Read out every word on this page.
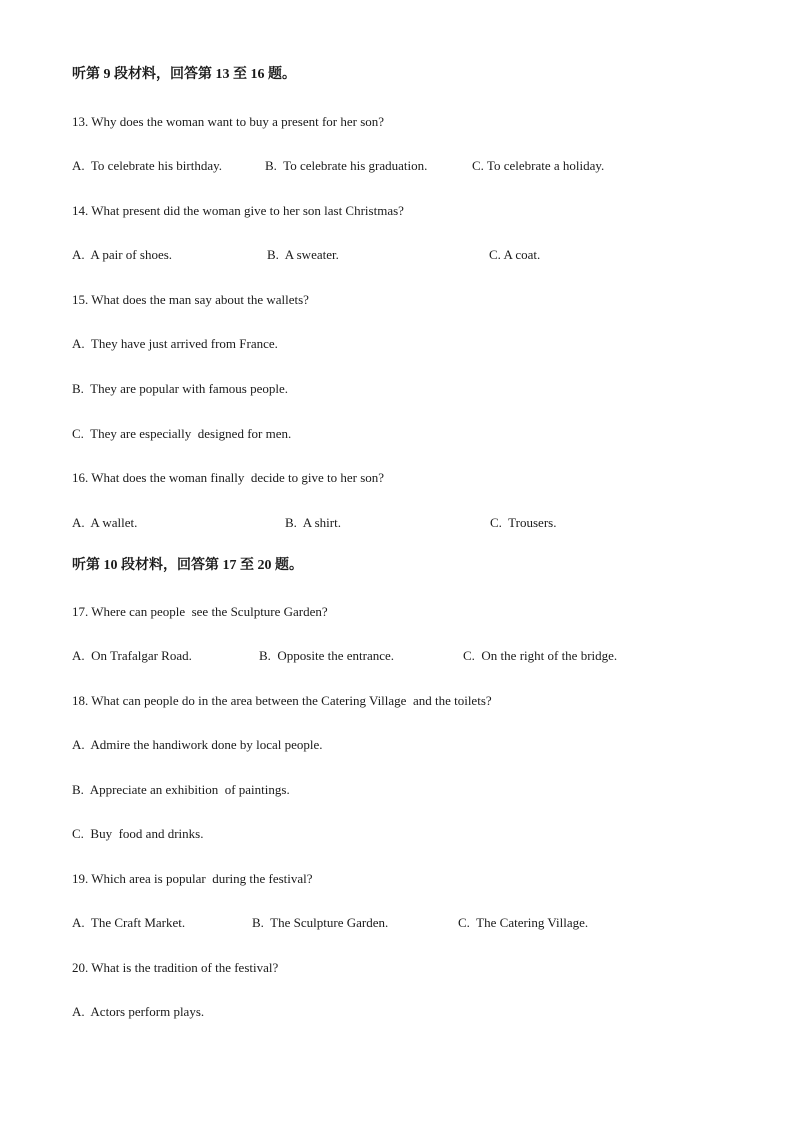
听第 9 段材料，回答第 13 至 16 题。
13. Why does the woman want to buy a present for her son?
A.  To celebrate his birthday.	B.  To celebrate his graduation.	C. To celebrate a holiday.
14. What present did the woman give to her son last Christmas?
A.  A pair of shoes.	B.  A sweater.	C. A coat.
15. What does the man say about the wallets?
A.  They have just arrived from France.
B.  They are popular with famous people.
C.  They are especially  designed for men.
16. What does the woman finally  decide to give to her son?
A.  A wallet.	B.  A shirt.	C.  Trousers.
听第 10 段材料，回答第 17 至 20 题。
17. Where can people  see the Sculpture Garden?
A.  On Trafalgar Road.	B.  Opposite the entrance.	C.  On the right of the bridge.
18. What can people do in the area between the Catering Village  and the toilets?
A.  Admire the handiwork done by local people.
B.  Appreciate an exhibition  of paintings.
C.  Buy  food and drinks.
19. Which area is popular  during the festival?
A.  The Craft Market.	B.  The Sculpture Garden.	C.  The Catering Village.
20. What is the tradition of the festival?
A.  Actors perform plays.
